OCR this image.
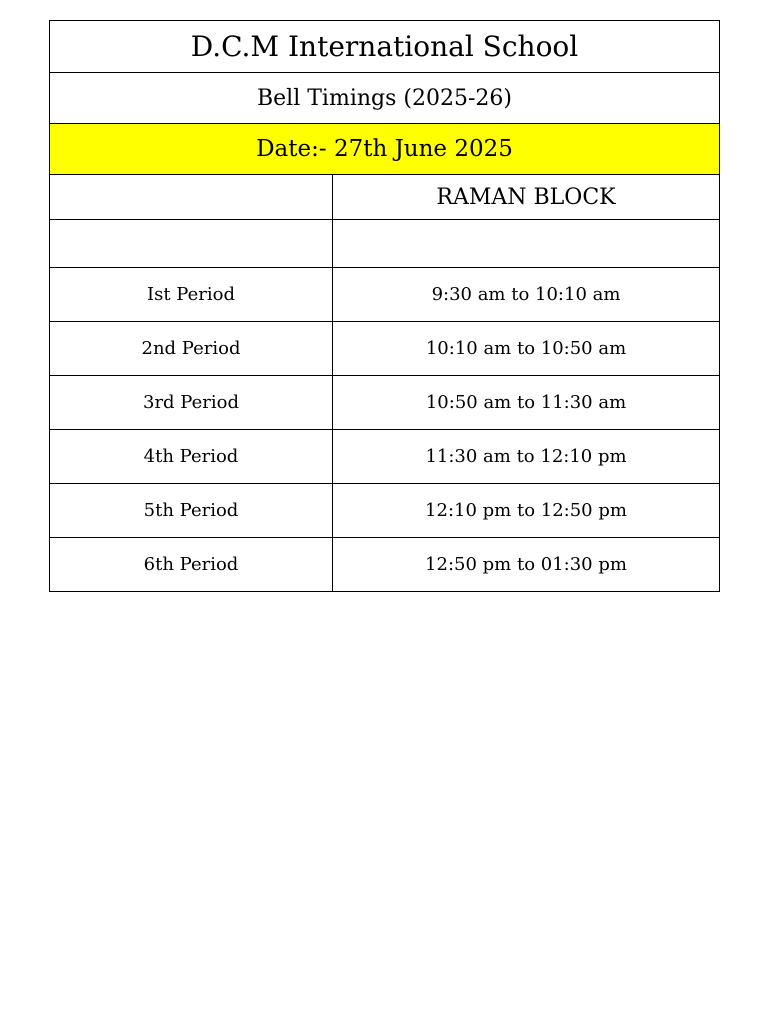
D.C.M International School	
Bell Timings (2025-26)	
Date:- 27th June 2025	
	RAMAN BLOCK

Ist Period	9:30 am to 10:10 am
2nd Period	10:10 am to 10:50 am
3rd Period	10:50 am to 11:30 am
4th Period	11:30 am to 12:10 pm
5th Period	12:10 pm to 12:50 pm
6th Period	12:50 pm to 01:30 pm
